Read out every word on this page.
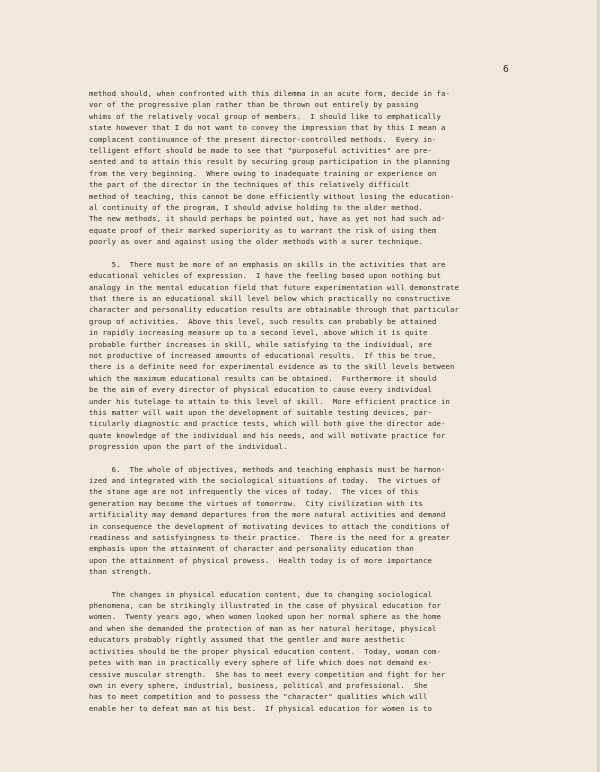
6

method should, when confronted with this dilemma in an acute form, decide in fa-
vor of the progressive plan rather than be thrown out entirely by passing
whims of the relatively vocal group of members.  I should like to emphatically
state however that I do not want to convey the impression that by this I mean a
complacent continuance of the present director-controlled methods.  Every in-
telligent effort should be made to see that "purposeful activities" are pre-
sented and to attain this result by securing group participation in the planning
from the very beginning.  Where owing to inadequate training or experience on
the part of the director in the techniques of this relatively difficult
method of teaching, this cannot be done efficiently without losing the education-
al continuity of the program, I should advise holding to the older method.
The new methods, it should perhaps be pointed out, have as yet not had such ad-
equate proof of their marked superiority as to warrant the risk of using them
poorly as over and against using the older methods with a surer technique.

5.  There must be more of an emphasis on skills in the activities that are
educational vehicles of expression.  I have the feeling based upon nothing but
analogy in the mental education field that future experimentation will demonstrate
that there is an educational skill level below which practically no constructive
character and personality education results are obtainable through that particular
group of activities.  Above this level, such results can probably be attained
in rapidly increasing measure up to a second level, above which it is quite
probable further increases in skill, while satisfying to the individual, are
not productive of increased amounts of educational results.  If this be true,
there is a definite need for experimental evidence as to the skill levels between
which the maximum educational results can be obtained.  Furthermore it should
be the aim of every director of physical education to cause every individual
under his tutelage to attain to this level of skill.  More efficient practice in
this matter will wait upon the development of suitable testing devices, par-
ticularly diagnostic and practice tests, which will both give the director ade-
quate knowledge of the individual and his needs, and will motivate practice for
progression upon the part of the individual.

6.  The whole of objectives, methods and teaching emphasis must be harmon-
ized and integrated with the sociological situations of today.  The virtues of
the stone age are not infrequently the vices of today.  The vices of this
generation may become the virtues of tomorrow.  City civilization with its
artificiality may demand departures from the more natural activities and demand
in consequence the development of motivating devices to attach the conditions of
readiness and satisfyingness to their practice.  There is the need for a greater
emphasis upon the attainment of character and personality education than
upon the attainment of physical prowess.  Health today is of more importance
than strength.

The changes in physical education content, due to changing sociological
phenomena, can be strikingly illustrated in the case of physical education for
women.  Twenty years ago, when women looked upon her normal sphere as the home
and when she demanded the protection of man as her natural heritage, physical
educators probably rightly assumed that the gentler and more aesthetic
activities should be the proper physical education content.  Today, woman com-
petes with man in practically every sphere of life which does not demand ex-
cessive muscular strength.  She has to meet every competition and fight for her
own in every sphere, industrial, business, political and professional.  She
has to meet competition and to possess the "character" qualities which will
enable her to defeat man at his best.  If physical education for women is to
